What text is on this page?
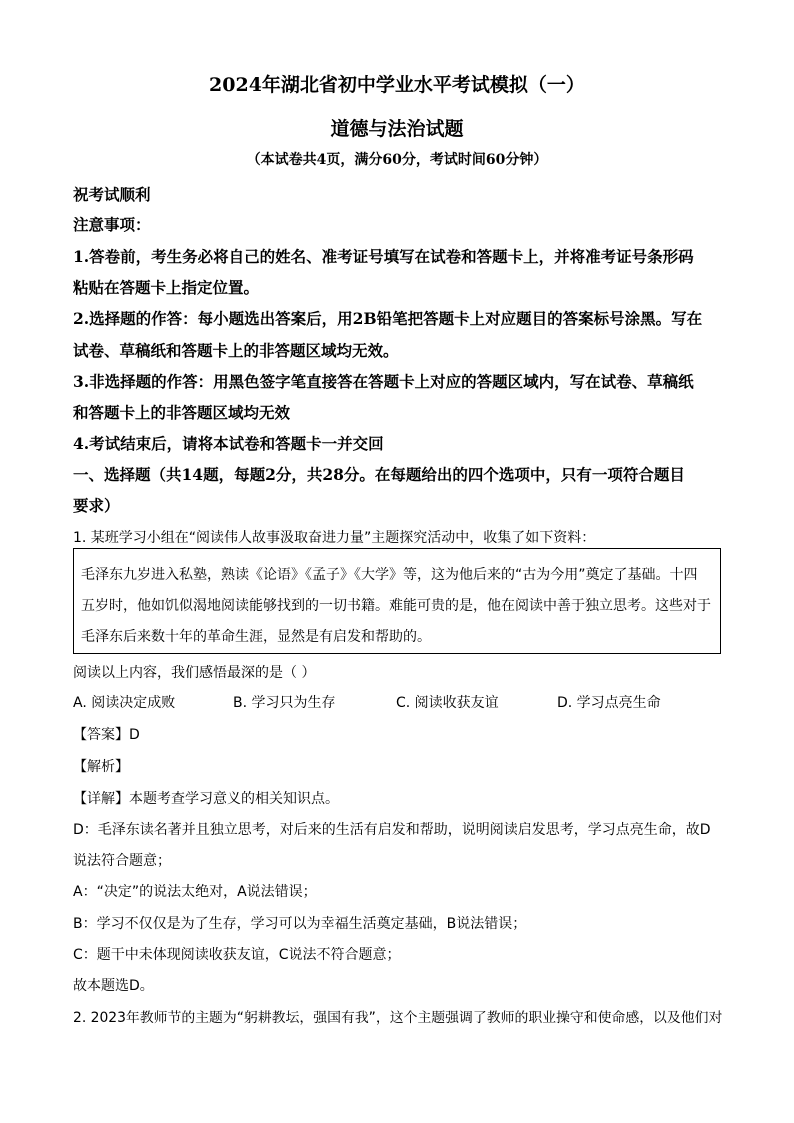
2024年湖北省初中学业水平考试模拟（一）
道德与法治试题
（本试卷共4页，满分60分，考试时间60分钟）
祝考试顺利
注意事项：
1.答卷前，考生务必将自己的姓名、准考证号填写在试卷和答题卡上，并将准考证号条形码
粘贴在答题卡上指定位置。
2.选择题的作答：每小题选出答案后，用2B铅笔把答题卡上对应题目的答案标号涂黑。写在
试卷、草稿纸和答题卡上的非答题区域均无效。
3.非选择题的作答：用黑色签字笔直接答在答题卡上对应的答题区域内，写在试卷、草稿纸
和答题卡上的非答题区域均无效
4.考试结束后，请将本试卷和答题卡一并交回
一、选择题（共14题，每题2分，共28分。在每题给出的四个选项中，只有一项符合题目
要求）
1. 某班学习小组在“阅读伟人故事汲取奋进力量”主题探究活动中，收集了如下资料：
毛泽东九岁进入私塾，熟读《论语》《孟子》《大学》等，这为他后来的“古为今用”奠定了基础。十四
五岁时，他如饥似渴地阅读能够找到的一切书籍。难能可贵的是，他在阅读中善于独立思考。这些对于
毛泽东后来数十年的革命生涯，显然是有启发和帮助的。
阅读以上内容，我们感悟最深的是（ ）
A. 阅读决定成败	B. 学习只为生存	C. 阅读收获友谊	D. 学习点亮生命
【答案】D
【解析】
【详解】本题考查学习意义的相关知识点。
D：毛泽东读名著并且独立思考，对后来的生活有启发和帮助，说明阅读启发思考，学习点亮生命，故D
说法符合题意；
A：“决定”的说法太绝对，A说法错误；
B：学习不仅仅是为了生存，学习可以为幸福生活奠定基础，B说法错误；
C：题干中未体现阅读收获友谊，C说法不符合题意；
故本题选D。
2. 2023年教师节的主题为“躬耕教坛，强国有我”，这个主题强调了教师的职业操守和使命感，以及他们对
